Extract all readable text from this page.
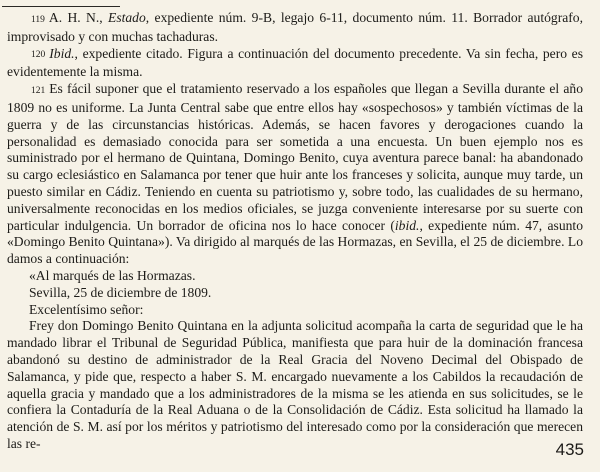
119 A. H. N., Estado, expediente núm. 9-B, legajo 6-11, documento núm. 11. Borrador autógrafo, improvisado y con muchas tachaduras.

120 Ibid., expediente citado. Figura a continuación del documento precedente. Va sin fecha, pero es evidentemente la misma.

121 Es fácil suponer que el tratamiento reservado a los españoles que llegan a Sevilla durante el año 1809 no es uniforme. La Junta Central sabe que entre ellos hay «sospechosos» y también víctimas de la guerra y de las circunstancias históricas. Además, se hacen favores y derogaciones cuando la personalidad es demasiado conocida para ser sometida a una encuesta. Un buen ejemplo nos es suministrado por el hermano de Quintana, Domingo Benito, cuya aventura parece banal: ha abandonado su cargo eclesiástico en Salamanca por tener que huir ante los franceses y solicita, aunque muy tarde, un puesto similar en Cádiz. Teniendo en cuenta su patriotismo y, sobre todo, las cualidades de su hermano, universalmente reconocidas en los medios oficiales, se juzga conveniente interesarse por su suerte con particular indulgencia. Un borrador de oficina nos lo hace conocer (ibid., expediente núm. 47, asunto «Domingo Benito Quintana»). Va dirigido al marqués de las Hormazas, en Sevilla, el 25 de diciembre. Lo damos a continuación:

«Al marqués de las Hormazas.

Sevilla, 25 de diciembre de 1809.

Excelentísimo señor:

Frey don Domingo Benito Quintana en la adjunta solicitud acompaña la carta de seguridad que le ha mandado librar el Tribunal de Seguridad Pública, manifiesta que para huir de la dominación francesa abandonó su destino de administrador de la Real Gracia del Noveno Decimal del Obispado de Salamanca, y pide que, respecto a haber S. M. encargado nuevamente a los Cabildos la recaudación de aquella gracia y mandado que a los administradores de la misma se les atienda en sus solicitudes, se le confiera la Contaduría de la Real Aduana o de la Consolidación de Cádiz. Esta solicitud ha llamado la atención de S. M. así por los méritos y patriotismo del interesado como por la consideración que merecen las re-	435
